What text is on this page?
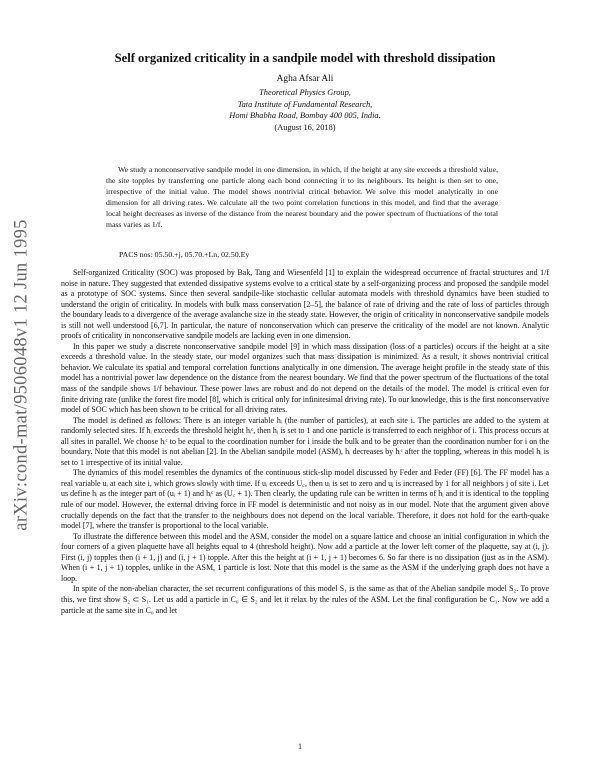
arXiv:cond-mat/9506048v1 12 Jun 1995
Self organized criticality in a sandpile model with threshold dissipation
Agha Afsar Ali
Theoretical Physics Group,
Tata Institute of Fundamental Research,
Homi Bhabha Road, Bombay 400 005, India.
(August 16, 2018)
We study a nonconservative sandpile model in one dimension, in which, if the height at any site exceeds a threshold value, the site topples by transferring one particle along each bond connecting it to its neighbours. Its height is then set to one, irrespective of the initial value. The model shows nontrivial critical behavior. We solve this model analytically in one dimension for all driving rates. We calculate all the two point correlation functions in this model, and find that the average local height decreases as inverse of the distance from the nearest boundary and the power spectrum of fluctuations of the total mass varies as 1/f.
PACS nos: 05.50.+j, 05.70.+Ln, 02.50.Ey

Self-organized Criticality (SOC) was proposed by Bak, Tang and Wiesenfeld [1] to explain the widespread occurrence of fractal structures and 1/f noise in nature. They suggested that extended dissipative systems evolve to a critical state by a self-organizing process and proposed the sandpile model as a prototype of SOC systems. Since then several sandpile-like stochastic cellular automata models with threshold dynamics have been studied to understand the origin of criticality. In models with bulk mass conservation [2–5], the balance of rate of driving and the rate of loss of particles through the boundary leads to a divergence of the average avalanche size in the steady state. However, the origin of criticality in nonconservative sandpile models is still not well understood [6,7]. In particular, the nature of nonconservation which can preserve the criticality of the model are not known. Analytic proofs of criticality in nonconservative sandpile models are lacking even in one dimension.

In this paper we study a discrete nonconservative sandpile model [9] in which mass dissipation (loss of a particles) occurs if the height at a site exceeds a threshold value. In the steady state, our model organizes such that mass dissipation is minimized. As a result, it shows nontrivial critical behavior. We calculate its spatial and temporal correlation functions analytically in one dimension. The average height profile in the steady state of this model has a nontrivial power law dependence on the distance from the nearest boundary. We find that the power spectrum of the fluctuations of the total mass of the sandpile shows 1/f behaviour. These power laws are robust and do not depend on the details of the model. The model is critical even for finite driving rate (unlike the forest fire model [8], which is critical only for infinitesimal driving rate). To our knowledge, this is the first nonconservative model of SOC which has been shown to be critical for all driving rates.

The model is defined as follows: There is an integer variable hᵢ (the number of particles), at each site i. The particles are added to the system at randomly selected sites. If hᵢ exceeds the threshold height hᵢᶜ, then hᵢ is set to 1 and one particle is transferred to each neighbor of i. This process occurs at all sites in parallel. We choose hᵢᶜ to be equal to the coordination number for i inside the bulk and to be greater than the coordination number for i on the boundary. Note that this model is not abelian [2]. In the Abelian sandpile model (ASM), hᵢ decreases by hᵢᶜ after the toppling, whereas in this model hᵢ is set to 1 irrespective of its initial value.

The dynamics of this model resembles the dynamics of the continuous stick-slip model discussed by Feder and Feder (FF) [6]. The FF model has a real variable uᵢ at each site i, which grows slowly with time. If uᵢ exceeds U꜀, then uᵢ is set to zero and uⱼ is increased by 1 for all neighbors j of site i. Let us define hᵢ as the integer part of (uᵢ + 1) and hᵢᶜ as (U꜀ + 1). Then clearly, the updating rule can be written in terms of hᵢ and it is identical to the toppling rule of our model. However, the external driving force in FF model is deterministic and not noisy as in our model. Note that the argument given above crucially depends on the fact that the transfer to the neighbours does not depend on the local variable. Therefore, it does not hold for the earth-quake model [7], where the transfer is proportional to the local variable.

To illustrate the difference between this model and the ASM, consider the model on a square lattice and choose an initial configuration in which the four corners of a given plaquette have all heights equal to 4 (threshold height). Now add a particle at the lower left corner of the plaquette, say at (i, j). First (i, j) topples then (i + 1, j) and (i, j + 1) topple. After this the height at (i + 1, j + 1) becomes 6. So far there is no dissipation (just as in the ASM). When (i + 1, j + 1) topples, unlike in the ASM, 1 particle is lost. Note that this model is the same as the ASM if the underlying graph does not have a loop.

In spite of the non-abelian character, the set recurrent configurations of this model S₁ is the same as that of the Abelian sandpile model S₂. To prove this, we first show S₂ ⊂ S₁. Let us add a particle in C₀ ∈ S₂ and let it relax by the rules of the ASM. Let the final configuration be C₁. Now we add a particle at the same site in C₀ and let

1
